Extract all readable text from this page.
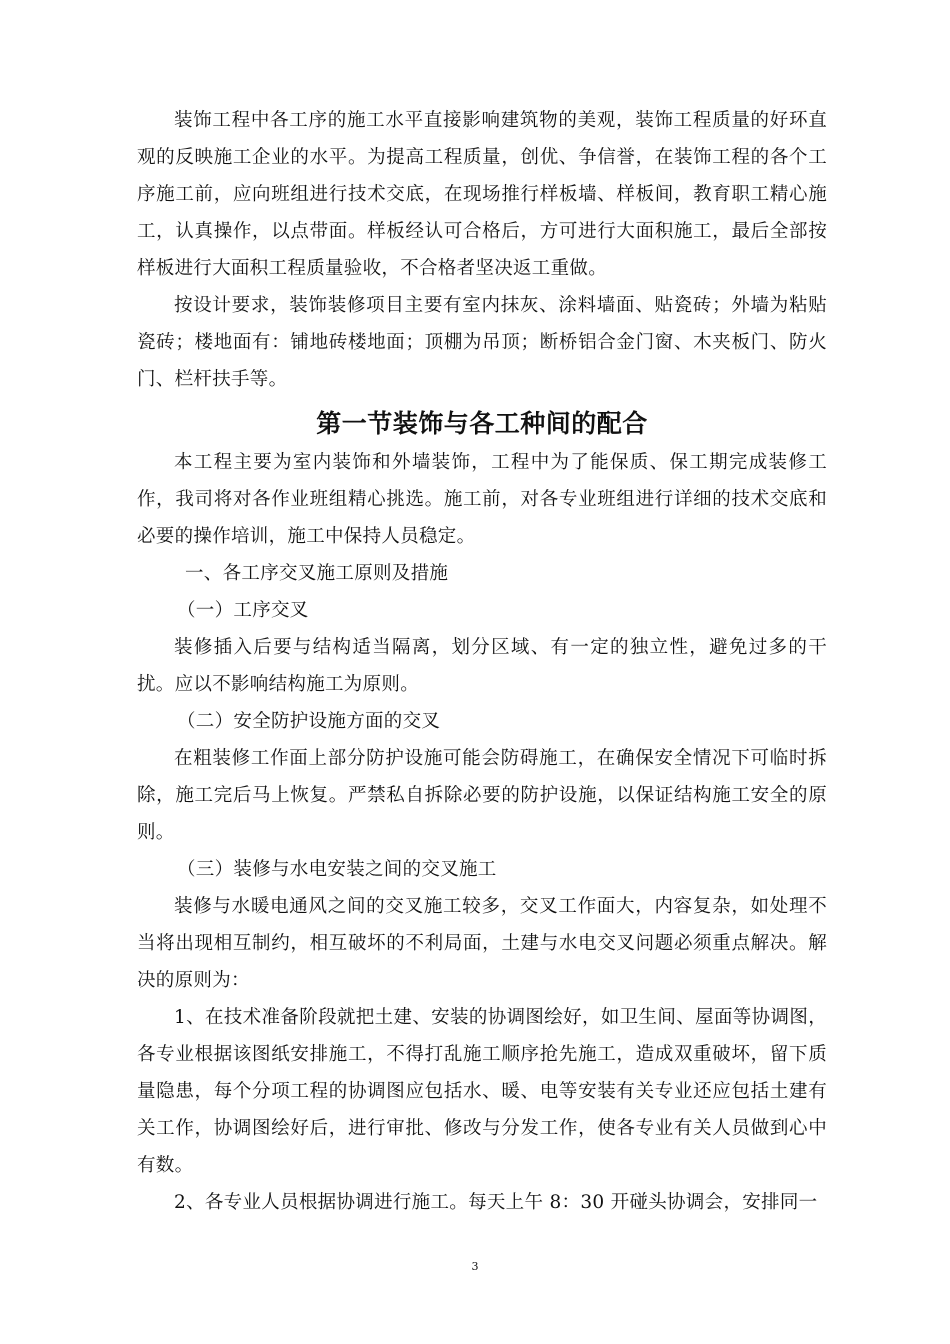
装饰工程中各工序的施工水平直接影响建筑物的美观，装饰工程质量的好环直观的反映施工企业的水平。为提高工程质量，创优、争信誉，在装饰工程的各个工序施工前，应向班组进行技术交底，在现场推行样板墙、样板间，教育职工精心施工，认真操作，以点带面。样板经认可合格后，方可进行大面积施工，最后全部按样板进行大面积工程质量验收，不合格者坚决返工重做。

按设计要求，装饰装修项目主要有室内抹灰、涂料墙面、贴瓷砖；外墙为粘贴瓷砖；楼地面有：铺地砖楼地面；顶棚为吊顶；断桥铝合金门窗、木夹板门、防火门、栏杆扶手等。

第一节装饰与各工种间的配合

本工程主要为室内装饰和外墙装饰，工程中为了能保质、保工期完成装修工作，我司将对各作业班组精心挑选。施工前，对各专业班组进行详细的技术交底和必要的操作培训，施工中保持人员稳定。

一、各工序交叉施工原则及措施

（一）工序交叉

装修插入后要与结构适当隔离，划分区域、有一定的独立性，避免过多的干扰。应以不影响结构施工为原则。

（二）安全防护设施方面的交叉

在粗装修工作面上部分防护设施可能会防碍施工，在确保安全情况下可临时拆除，施工完后马上恢复。严禁私自拆除必要的防护设施，以保证结构施工安全的原则。

（三）装修与水电安装之间的交叉施工

装修与水暖电通风之间的交叉施工较多，交叉工作面大，内容复杂，如处理不当将出现相互制约，相互破坏的不利局面，土建与水电交叉问题必须重点解决。解决的原则为：

1、在技术准备阶段就把土建、安装的协调图绘好，如卫生间、屋面等协调图，各专业根据该图纸安排施工，不得打乱施工顺序抢先施工，造成双重破坏，留下质量隐患，每个分项工程的协调图应包括水、暖、电等安装有关专业还应包括土建有关工作，协调图绘好后，进行审批、修改与分发工作，使各专业有关人员做到心中有数。

2、各专业人员根据协调进行施工。每天上午 8：30 开碰头协调会，安排同一

3
